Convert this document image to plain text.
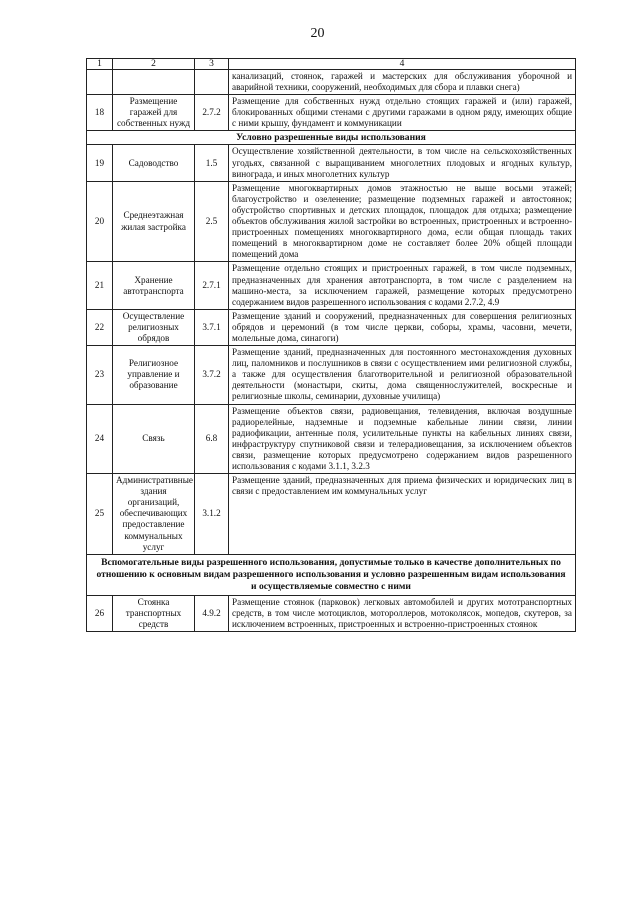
20
1	2	3	4
			канализаций, стоянок, гаражей и мастерских для обслуживания уборочной и аварийной техники, сооружений, необходимых для сбора и плавки снега)
18	Размещение гаражей для собственных нужд	2.7.2	Размещение для собственных нужд отдельно стоящих гаражей и (или) гаражей, блокированных общими стенами с другими гаражами в одном ряду, имеющих общие с ними крышу, фундамент и коммуникации
Условно разрешенные виды использования			
19	Садоводство	1.5	Осуществление хозяйственной деятельности, в том числе на сельскохозяйственных угодьях, связанной с выращиванием многолетних плодовых и ягодных культур, винограда, и иных многолетних культур
20	Среднеэтажная жилая застройка	2.5	Размещение многоквартирных домов этажностью не выше восьми этажей; благоустройство и озеленение; размещение подземных гаражей и автостоянок; обустройство спортивных и детских площадок, площадок для отдыха; размещение объектов обслуживания жилой застройки во встроенных, пристроенных и встроенно-пристроенных помещениях многоквартирного дома, если общая площадь таких помещений в многоквартирном доме не составляет более 20% общей площади помещений дома
21	Хранение автотранспорта	2.7.1	Размещение отдельно стоящих и пристроенных гаражей, в том числе подземных, предназначенных для хранения автотранспорта, в том числе с разделением на машино-места, за исключением гаражей, размещение которых предусмотрено содержанием видов разрешенного использования с кодами 2.7.2, 4.9
22	Осуществление религиозных обрядов	3.7.1	Размещение зданий и сооружений, предназначенных для совершения религиозных обрядов и церемоний (в том числе церкви, соборы, храмы, часовни, мечети, молельные дома, синагоги)
23	Религиозное управление и образование	3.7.2	Размещение зданий, предназначенных для постоянного местонахождения духовных лиц, паломников и послушников в связи с осуществлением ими религиозной службы, а также для осуществления благотворительной и религиозной образовательной деятельности (монастыри, скиты, дома священнослужителей, воскресные и религиозные школы, семинарии, духовные училища)
24	Связь	6.8	Размещение объектов связи, радиовещания, телевидения, включая воздушные радиорелейные, надземные и подземные кабельные линии связи, линии радиофикации, антенные поля, усилительные пункты на кабельных линиях связи, инфраструктуру спутниковой связи и телерадиовещания, за исключением объектов связи, размещение которых предусмотрено содержанием видов разрешенного использования с кодами 3.1.1, 3.2.3
25	Административные здания организаций, обеспечивающих предоставление коммунальных услуг	3.1.2	Размещение зданий, предназначенных для приема физических и юридических лиц в связи с предоставлением им коммунальных услуг
Вспомогательные виды разрешенного использования, допустимые только в качестве дополнительных по отношению к основным видам разрешенного использования и условно разрешенным видам использования и осуществляемые совместно с ними			
26	Стоянка транспортных средств	4.9.2	Размещение стоянок (парковок) легковых автомобилей и других мототранспортных средств, в том числе мотоциклов, мотороллеров, мотоколясок, мопедов, скутеров, за исключением встроенных, пристроенных и встроенно-пристроенных стоянок
